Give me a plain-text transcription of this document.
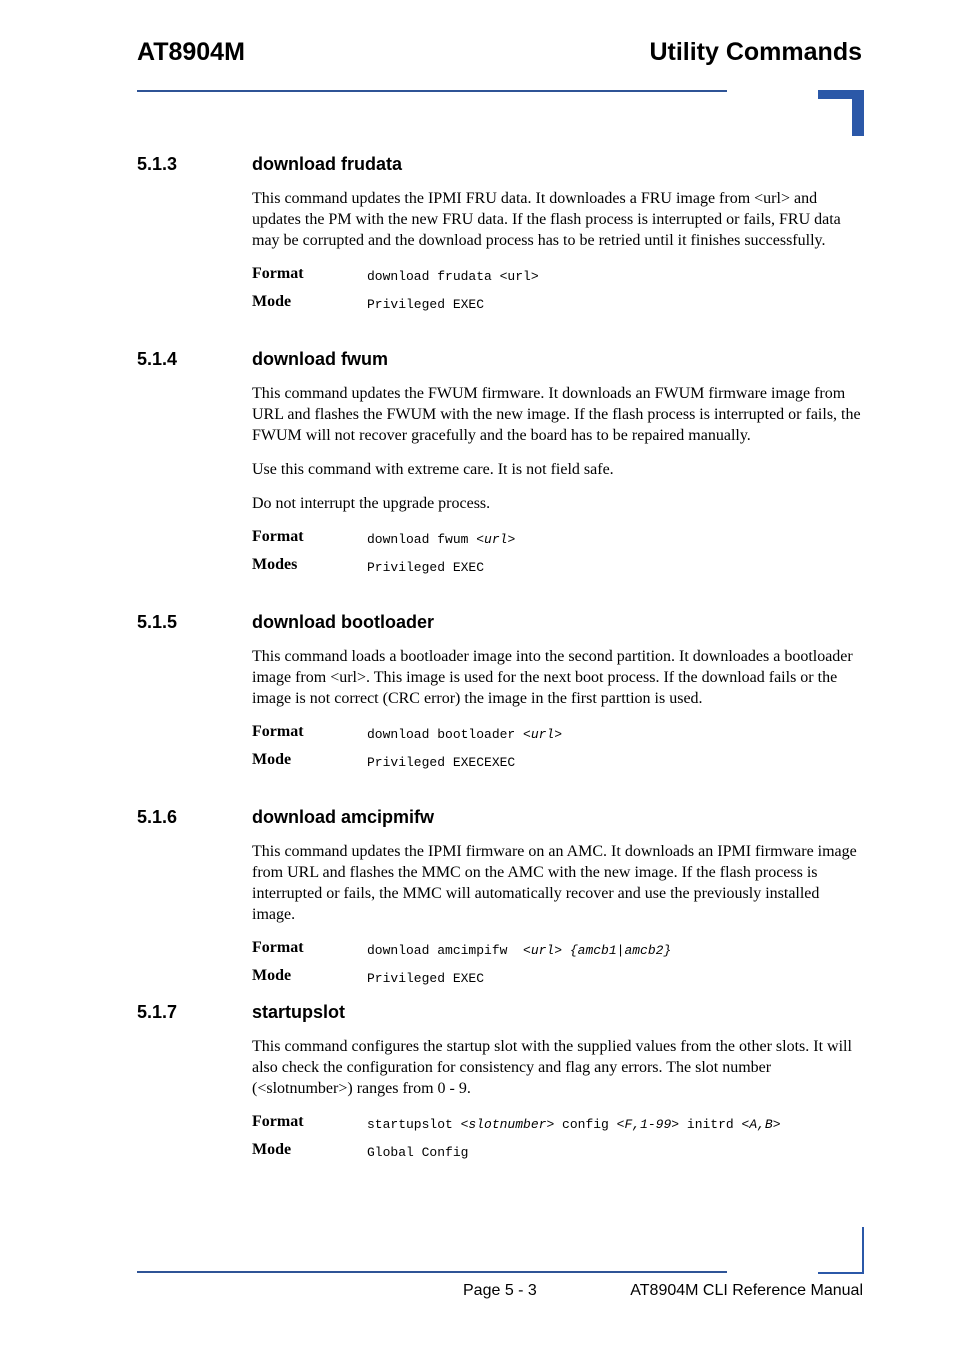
AT8904M	Utility Commands
5.1.3	download frudata

This command updates the IPMI FRU data. It downloades a FRU image from <url> and updates the PM with the new FRU data. If the flash process is interrupted or fails, FRU data may be corrupted and the download process has to be retried until it finishes successfully.

Format	download frudata <url>
Mode	Privileged EXEC
5.1.4	download fwum

This command updates the FWUM firmware. It downloads an FWUM firmware image from URL and flashes the FWUM with the new image. If the flash process is interrupted or fails, the FWUM will not recover gracefully and the board has to be repaired manually.

Use this command with extreme care. It is not field safe.

Do not interrupt the upgrade process.

Format	download fwum <url>
Modes	Privileged EXEC
5.1.5	download bootloader

This command loads a bootloader image into the second partition. It downloades a bootloader image from <url>. This image is used for the next boot process. If the download fails or the image is not correct (CRC error) the image in the first parttion is used.

Format	download bootloader <url>
Mode	Privileged EXECEXEC
5.1.6	download amcipmifw

This command updates the IPMI firmware on an AMC. It downloads an IPMI firmware image from URL and flashes the MMC on the AMC with the new image. If the flash process is interrupted or fails, the MMC will automatically recover and use the previously installed image.

Format	download amcimpifw  <url> {amcb1|amcb2}
Mode	Privileged EXEC
5.1.7	startupslot

This command configures the startup slot with the supplied values from the other slots. It will also check the configuration for consistency and flag any errors. The slot number (<slotnumber>) ranges from 0 - 9.

Format	startupslot <slotnumber> config <F,1-99> initrd <A,B>
Mode	Global Config
Page 5 - 3	AT8904M CLI Reference Manual
